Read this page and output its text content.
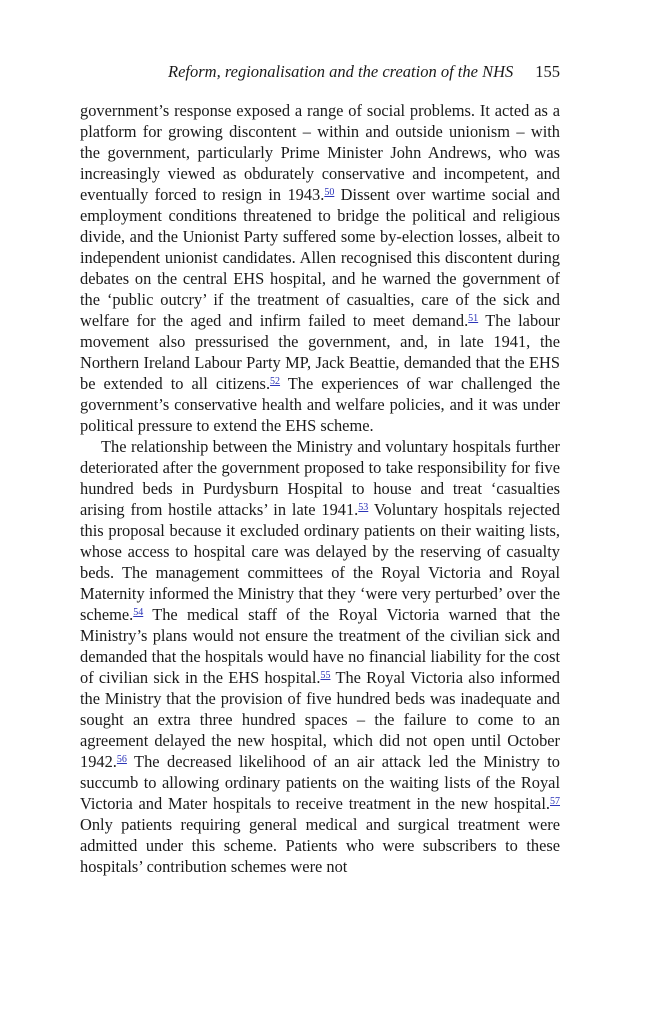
Reform, regionalisation and the creation of the NHS 155

government’s response exposed a range of social problems. It acted as a platform for growing discontent – within and outside unionism – with the government, particularly Prime Minister John Andrews, who was increasingly viewed as obdurately conservative and incompetent, and eventually forced to resign in 1943.50 Dissent over wartime social and employment conditions threatened to bridge the political and religious divide, and the Unionist Party suffered some by-election losses, albeit to independent unionist candidates. Allen recognised this discontent during debates on the central EHS hospital, and he warned the government of the ‘public outcry’ if the treatment of casualties, care of the sick and welfare for the aged and infirm failed to meet demand.$^{51}$ The labour movement also pressurised the government, and, in late 1941, the Northern Ireland Labour Party MP, Jack Beattie, demanded that the EHS be extended to all citizens.$^{52}$ The experiences of war challenged the government’s conservative health and welfare policies, and it was under political pressure to extend the EHS scheme.

The relationship between the Ministry and voluntary hospitals further deteriorated after the government proposed to take responsibility for five hundred beds in Purdysburn Hospital to house and treat ‘casualties arising from hostile attacks’ in late 1941.53 Voluntary hospitals rejected this proposal because it excluded ordinary patients on their waiting lists, whose access to hospital care was delayed by the reserving of casualty beds. The management committees of the Royal Victoria and Royal Maternity informed the Ministry that they ‘were very perturbed’ over the scheme.$^{54}$ The medical staff of the Royal Victoria warned that the Ministry’s plans would not ensure the treatment of the civilian sick and demanded that the hospitals would have no financial liability for the cost of civilian sick in the EHS hospital.$^{55}$ The Royal Victoria also informed the Ministry that the provision of five hundred beds was inadequate and sought an extra three hundred spaces – the failure to come to an agreement delayed the new hospital, which did not open until October 1942.56 The decreased likelihood of an air attack led the Ministry to succumb to allowing ordinary patients on the waiting lists of the Royal Victoria and Mater hospitals to receive treatment in the new hospital.$^{57}$ Only patients requiring general medical and surgical treatment were admitted under this scheme. Patients who were subscribers to these hospitals’ contribution schemes were not
